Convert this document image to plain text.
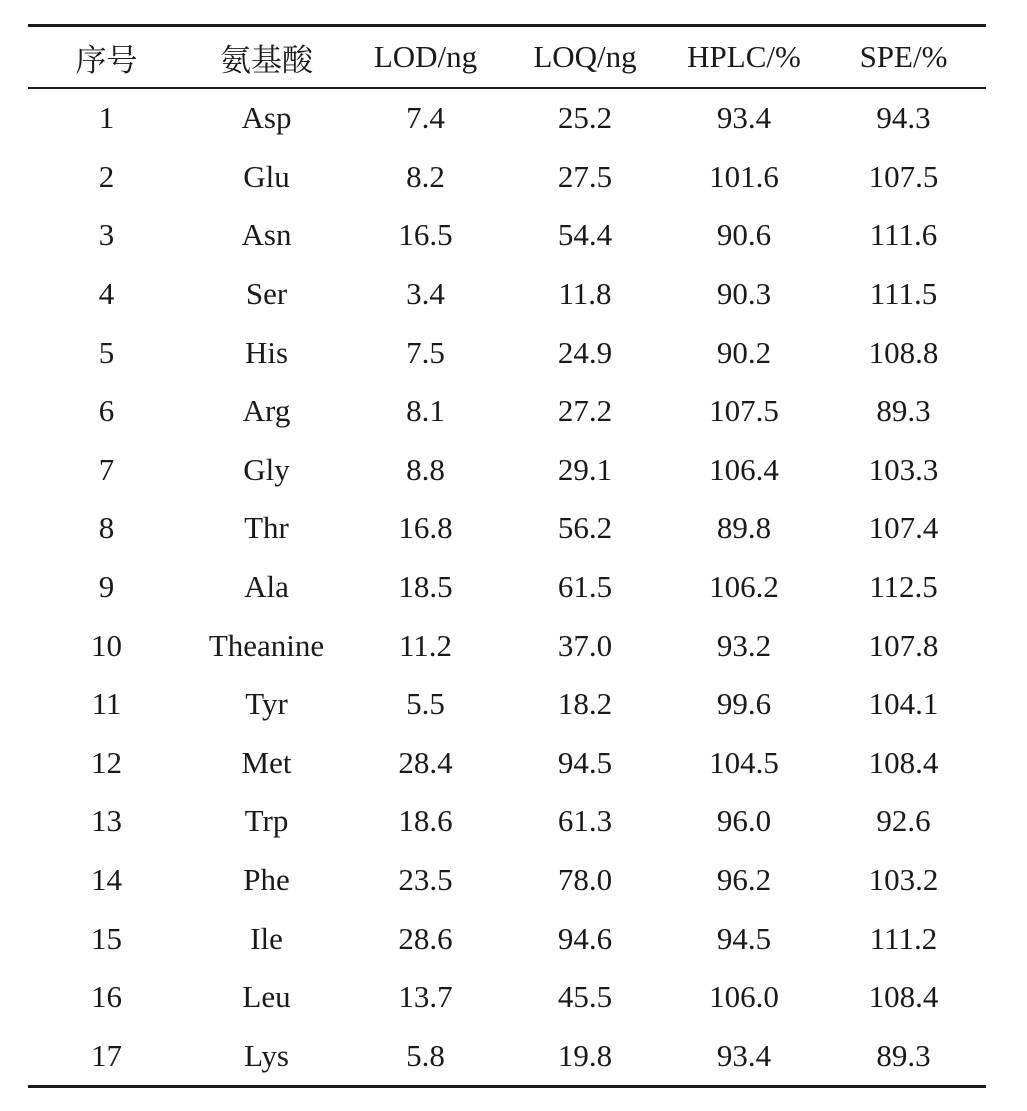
序号	氨基酸	LOD/ng	LOQ/ng	HPLC/%	SPE/%
1	Asp	7.4	25.2	93.4	94.3
2	Glu	8.2	27.5	101.6	107.5
3	Asn	16.5	54.4	90.6	111.6
4	Ser	3.4	11.8	90.3	111.5
5	His	7.5	24.9	90.2	108.8
6	Arg	8.1	27.2	107.5	89.3
7	Gly	8.8	29.1	106.4	103.3
8	Thr	16.8	56.2	89.8	107.4
9	Ala	18.5	61.5	106.2	112.5
10	Theanine	11.2	37.0	93.2	107.8
11	Tyr	5.5	18.2	99.6	104.1
12	Met	28.4	94.5	104.5	108.4
13	Trp	18.6	61.3	96.0	92.6
14	Phe	23.5	78.0	96.2	103.2
15	Ile	28.6	94.6	94.5	111.2
16	Leu	13.7	45.5	106.0	108.4
17	Lys	5.8	19.8	93.4	89.3
